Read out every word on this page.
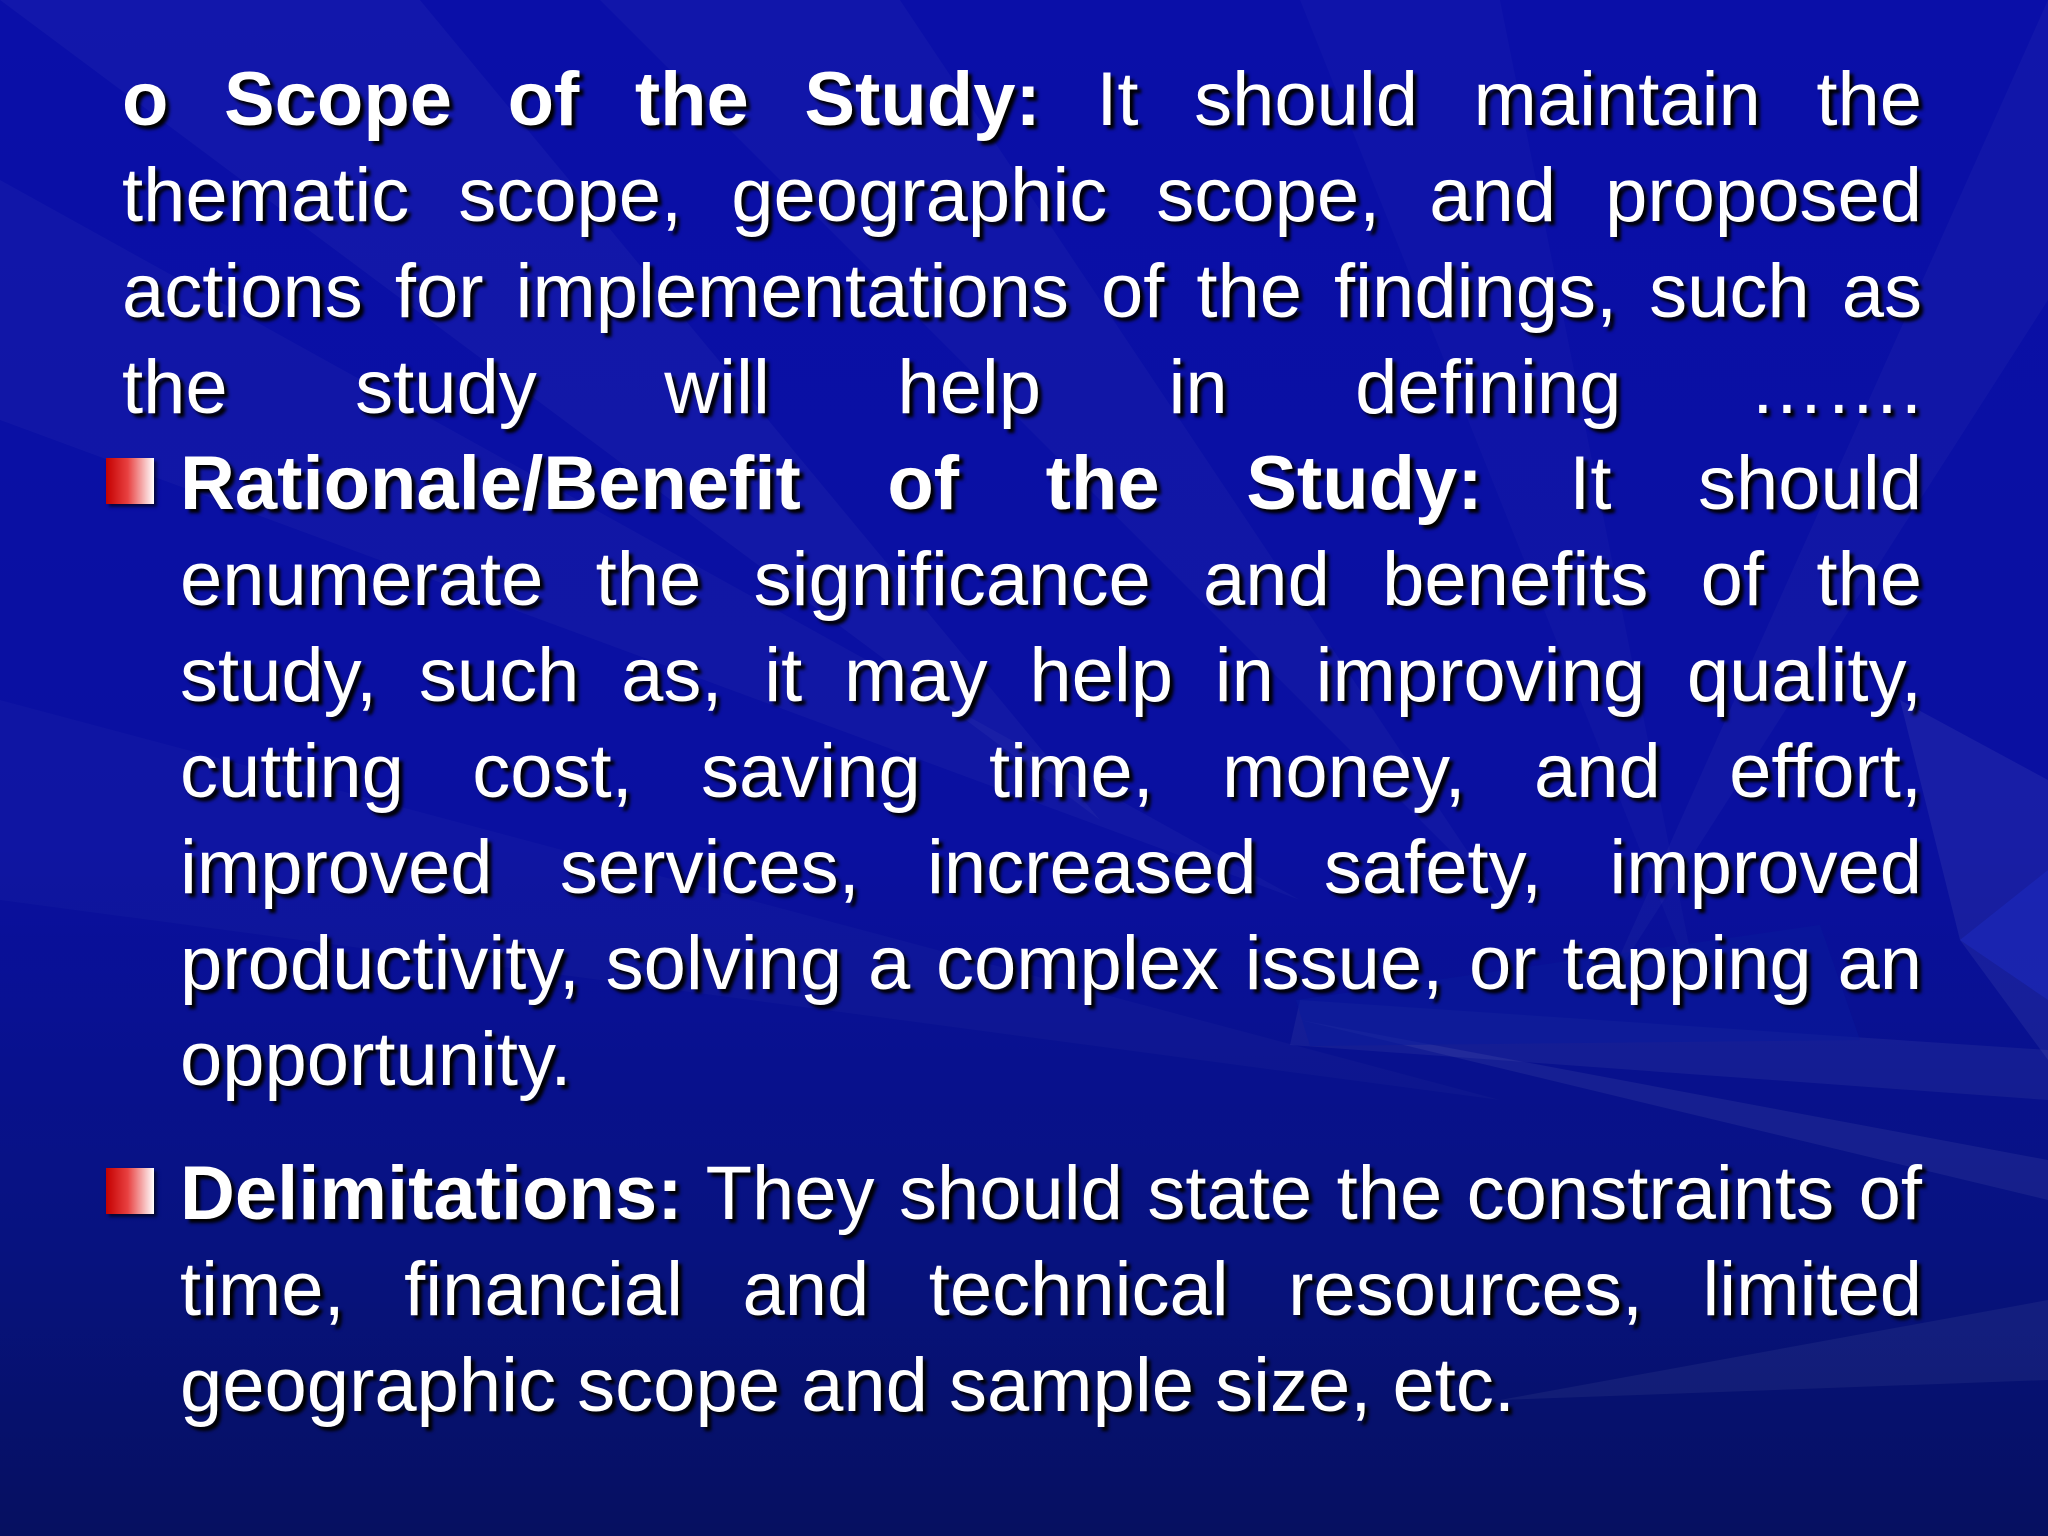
o Scope of the Study: It should maintain the thematic scope, geographic scope, and proposed actions for implementations of the findings, such as the study will help in defining …….
Rationale/Benefit of the Study: It should enumerate the significance and benefits of the study, such as, it may help in improving quality, cutting cost, saving time, money, and effort, improved services, increased safety, improved productivity, solving a complex issue, or tapping an opportunity.
Delimitations: They should state the constraints of time, financial and technical resources, limited geographic scope and sample size, etc.
